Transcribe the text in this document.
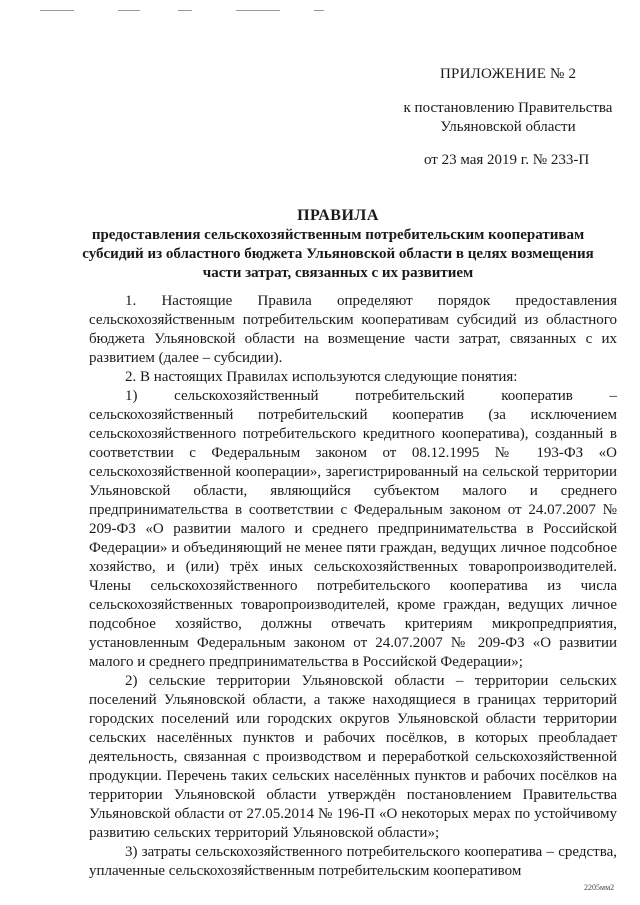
ПРИЛОЖЕНИЕ № 2
к постановлению Правительства
Ульяновской области
от 23 мая 2019 г. № 233-П
ПРАВИЛА
предоставления сельскохозяйственным потребительским кооперативам субсидий из областного бюджета Ульяновской области в целях возмещения части затрат, связанных с их развитием

1. Настоящие Правила определяют порядок предоставления сельскохозяйственным потребительским кооперативам субсидий из областного бюджета Ульяновской области на возмещение части затрат, связанных с их развитием (далее – субсидии).

2. В настоящих Правилах используются следующие понятия:

1) сельскохозяйственный потребительский кооператив – сельскохозяйственный потребительский кооператив (за исключением сельскохозяйственного потребительского кредитного кооператива), созданный в соответствии с Федеральным законом от 08.12.1995 № 193-ФЗ «О сельскохозяйственной кооперации», зарегистрированный на сельской территории Ульяновской области, являющийся субъектом малого и среднего предпринимательства в соответствии с Федеральным законом от 24.07.2007 № 209-ФЗ «О развитии малого и среднего предпринимательства в Российской Федерации» и объединяющий не менее пяти граждан, ведущих личное подсобное хозяйство, и (или) трёх иных сельскохозяйственных товаропроизводителей. Члены сельскохозяйственного потребительского кооператива из числа сельскохозяйственных товаропроизводителей, кроме граждан, ведущих личное подсобное хозяйство, должны отвечать критериям микропредприятия, установленным Федеральным законом от 24.07.2007 № 209-ФЗ «О развитии малого и среднего предпринимательства в Российской Федерации»;

2) сельские территории Ульяновской области – территории сельских поселений Ульяновской области, а также находящиеся в границах территорий городских поселений или городских округов Ульяновской области территории сельских населённых пунктов и рабочих посёлков, в которых преобладает деятельность, связанная с производством и переработкой сельскохозяйственной продукции. Перечень таких сельских населённых пунктов и рабочих посёлков на территории Ульяновской области утверждён постановлением Правительства Ульяновской области от 27.05.2014 № 196-П «О некоторых мерах по устойчивому развитию сельских территорий Ульяновской области»;

3) затраты сельскохозяйственного потребительского кооператива – средства, уплаченные сельскохозяйственным потребительским кооперативом

2205мм2
